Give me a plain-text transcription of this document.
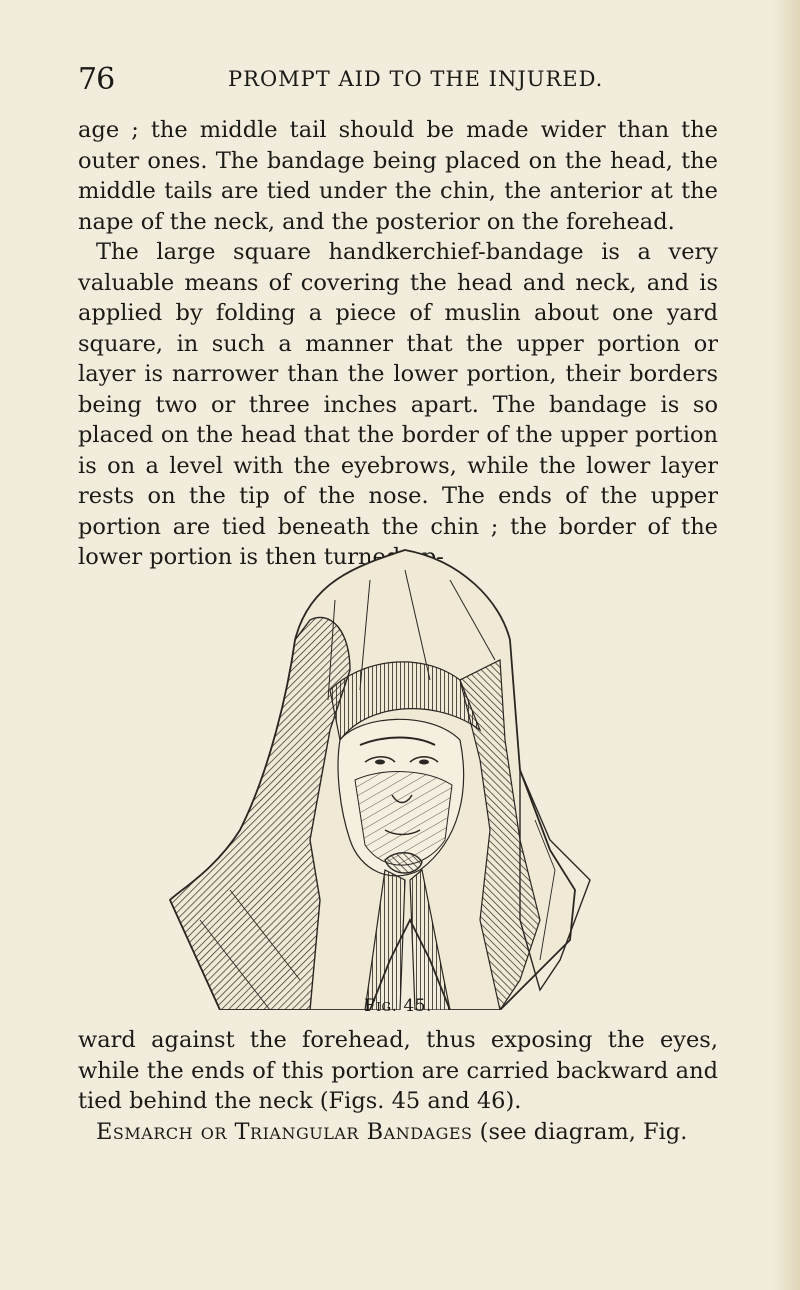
76	PROMPT AID TO THE INJURED.

age ; the middle tail should be made wider than the outer ones. The bandage being placed on the head, the middle tails are tied under the chin, the anterior at the nape of the neck, and the posterior on the forehead.

The large square handkerchief-bandage is a very valuable means of covering the head and neck, and is applied by folding a piece of muslin about one yard square, in such a manner that the upper portion or layer is narrower than the lower portion, their borders being two or three inches apart. The bandage is so placed on the head that the border of the upper portion is on a level with the eyebrows, while the lower layer rests on the tip of the nose. The ends of the upper portion are tied beneath the chin ; the border of the lower portion is then turned up-

Fig. 45.

ward against the forehead, thus exposing the eyes, while the ends of this portion are carried backward and tied behind the neck (Figs. 45 and 46).

Esmarch or Triangular Bandages (see diagram, Fig.
